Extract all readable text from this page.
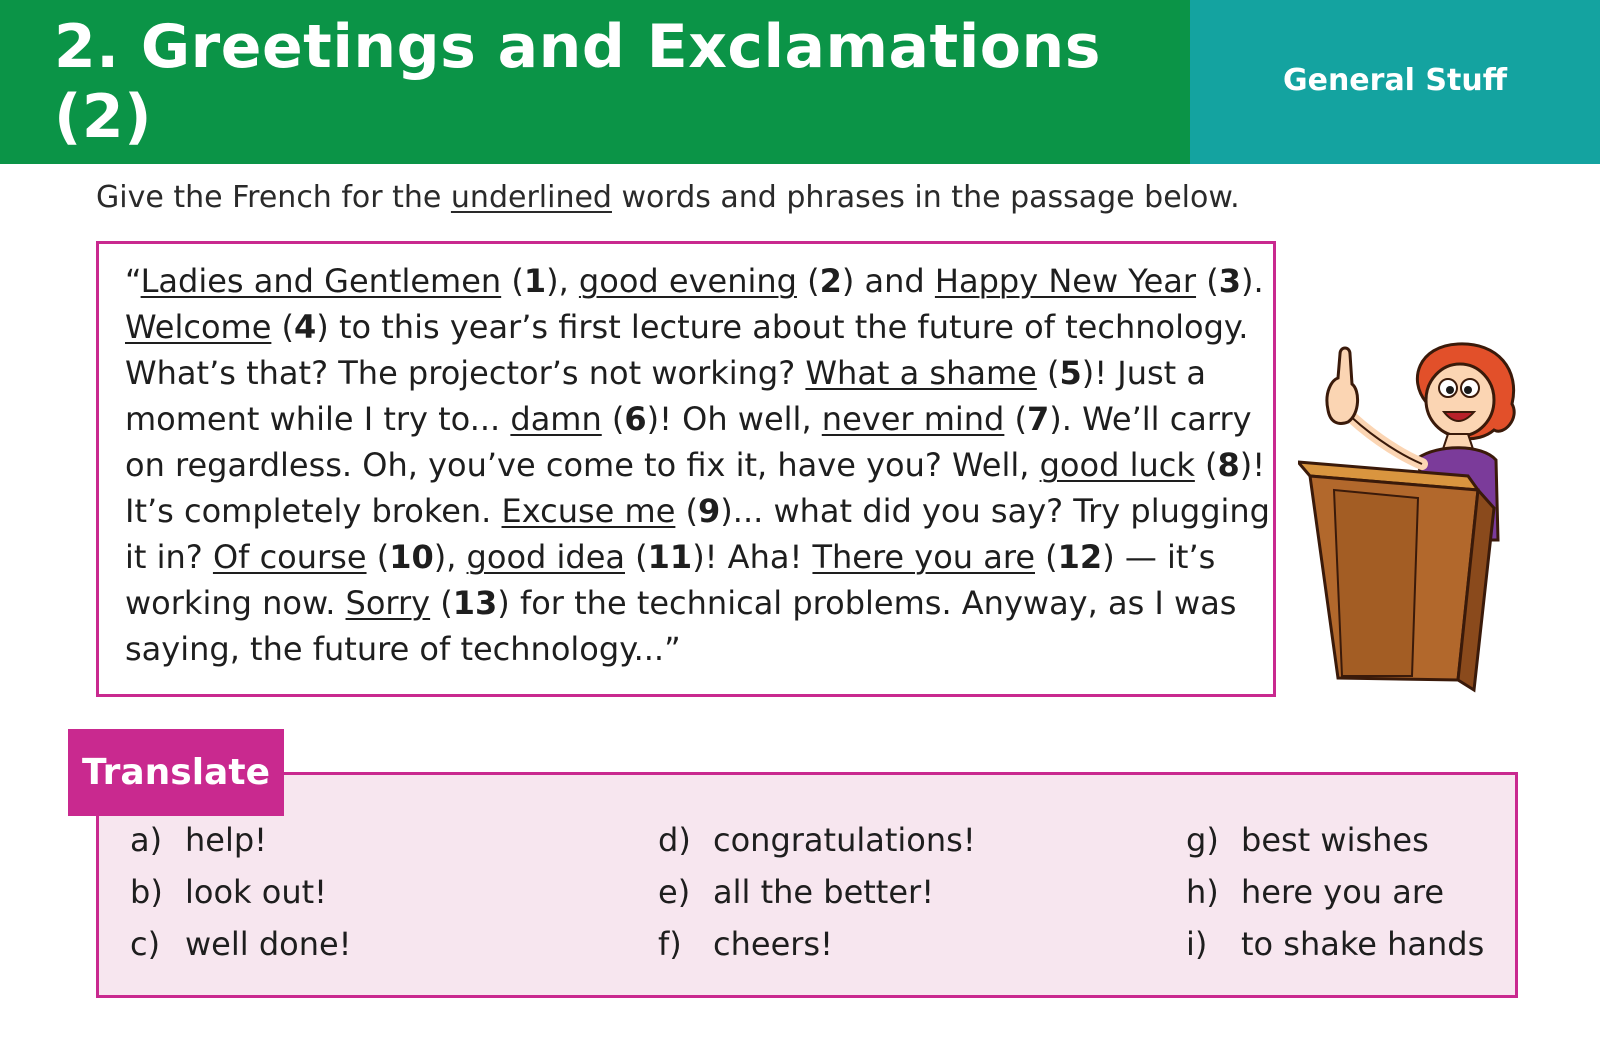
2. Greetings and Exclamations (2)
General Stuff
Give the French for the underlined words and phrases in the passage below.
“Ladies and Gentlemen (1), good evening (2) and Happy New Year (3).
Welcome (4) to this year’s first lecture about the future of technology.
What’s that? The projector’s not working? What a shame (5)! Just a
moment while I try to... damn (6)! Oh well, never mind (7). We’ll carry
on regardless. Oh, you’ve come to fix it, have you? Well, good luck (8)!
It’s completely broken. Excuse me (9)... what did you say? Try plugging
it in? Of course (10), good idea (11)! Aha! There you are (12) — it’s
working now. Sorry (13) for the technical problems. Anyway, as I was
saying, the future of technology...”
Translate
a) help!
b) look out!
c) well done!
d) congratulations!
e) all the better!
f) cheers!
g) best wishes
h) here you are
i)	to shake hands
